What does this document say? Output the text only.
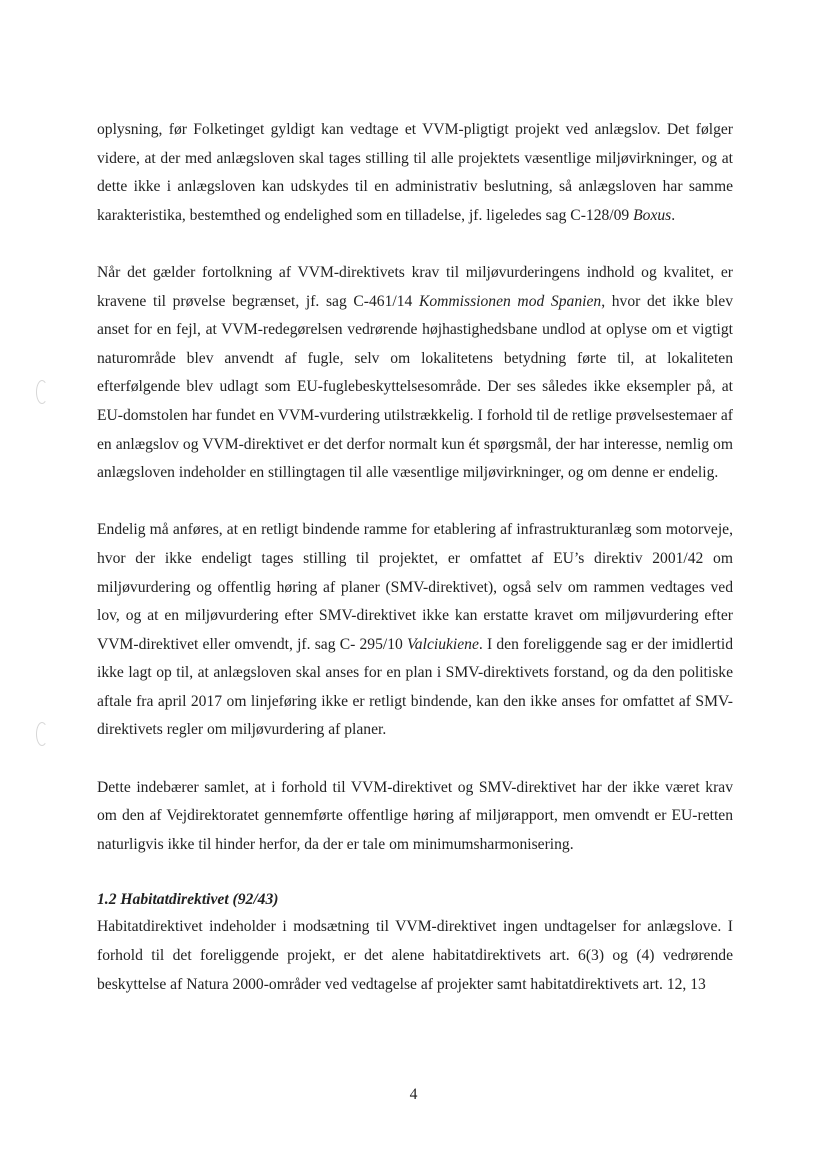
oplysning, før Folketinget gyldigt kan vedtage et VVM-pligtigt projekt ved anlægslov. Det følger videre, at der med anlægsloven skal tages stilling til alle projektets væsentlige miljøvirkninger, og at dette ikke i anlægsloven kan udskydes til en administrativ beslutning, så anlægsloven har samme karakteristika, bestemthed og endelighed som en tilladelse, jf. ligeledes sag C-128/09 Boxus.

Når det gælder fortolkning af VVM-direktivets krav til miljøvurderingens indhold og kvalitet, er kravene til prøvelse begrænset, jf. sag C-461/14 Kommissionen mod Spanien, hvor det ikke blev anset for en fejl, at VVM-redegørelsen vedrørende højhastighedsbane undlod at oplyse om et vigtigt naturområde blev anvendt af fugle, selv om lokalitetens betydning førte til, at lokaliteten efterfølgende blev udlagt som EU-fuglebeskyttelsesområde. Der ses således ikke eksempler på, at EU-domstolen har fundet en VVM-vurdering utilstrækkelig. I forhold til de retlige prøvelsestemaer af en anlægslov og VVM-direktivet er det derfor normalt kun ét spørgsmål, der har interesse, nemlig om anlægsloven indeholder en stillingtagen til alle væsentlige miljøvirkninger, og om denne er endelig.

Endelig må anføres, at en retligt bindende ramme for etablering af infrastrukturanlæg som motorveje, hvor der ikke endeligt tages stilling til projektet, er omfattet af EU’s direktiv 2001/42 om miljøvurdering og offentlig høring af planer (SMV-direktivet), også selv om rammen vedtages ved lov, og at en miljøvurdering efter SMV-direktivet ikke kan erstatte kravet om miljøvurdering efter VVM-direktivet eller omvendt, jf. sag C- 295/10 Valciukiene. I den foreliggende sag er der imidlertid ikke lagt op til, at anlægsloven skal anses for en plan i SMV-direktivets forstand, og da den politiske aftale fra april 2017 om linjeføring ikke er retligt bindende, kan den ikke anses for omfattet af SMV-direktivets regler om miljøvurdering af planer.

Dette indebærer samlet, at i forhold til VVM-direktivet og SMV-direktivet har der ikke været krav om den af Vejdirektoratet gennemførte offentlige høring af miljørapport, men omvendt er EU-retten naturligvis ikke til hinder herfor, da der er tale om minimumsharmonisering.

1.2 Habitatdirektivet (92/43)

Habitatdirektivet indeholder i modsætning til VVM-direktivet ingen undtagelser for anlægslove. I forhold til det foreliggende projekt, er det alene habitatdirektivets art. 6(3) og (4) vedrørende beskyttelse af Natura 2000-områder ved vedtagelse af projekter samt habitatdirektivets art. 12, 13

4
